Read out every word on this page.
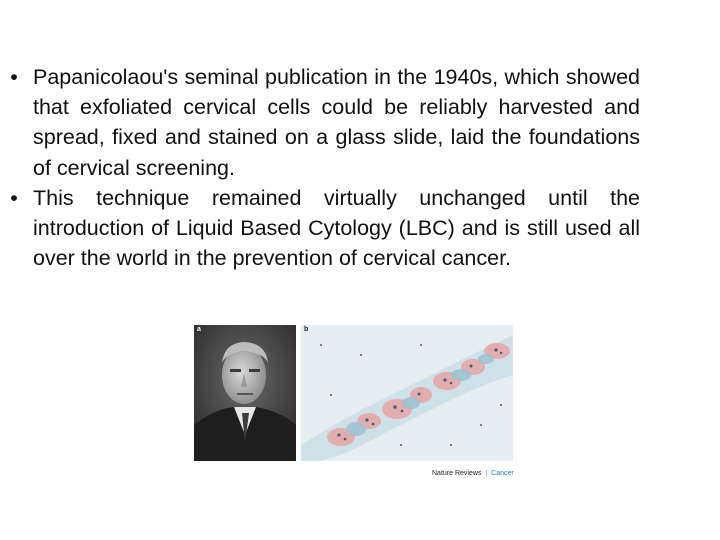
• Papanicolaou's seminal publication in the 1940s, which showed that exfoliated cervical cells could be reliably harvested and spread, fixed and stained on a glass slide, laid the foundations of cervical screening.
• This technique remained virtually unchanged until the introduction of Liquid Based Cytology (LBC) and is still used all over the world in the prevention of cervical cancer.
a	b
Nature Reviews | Cancer
